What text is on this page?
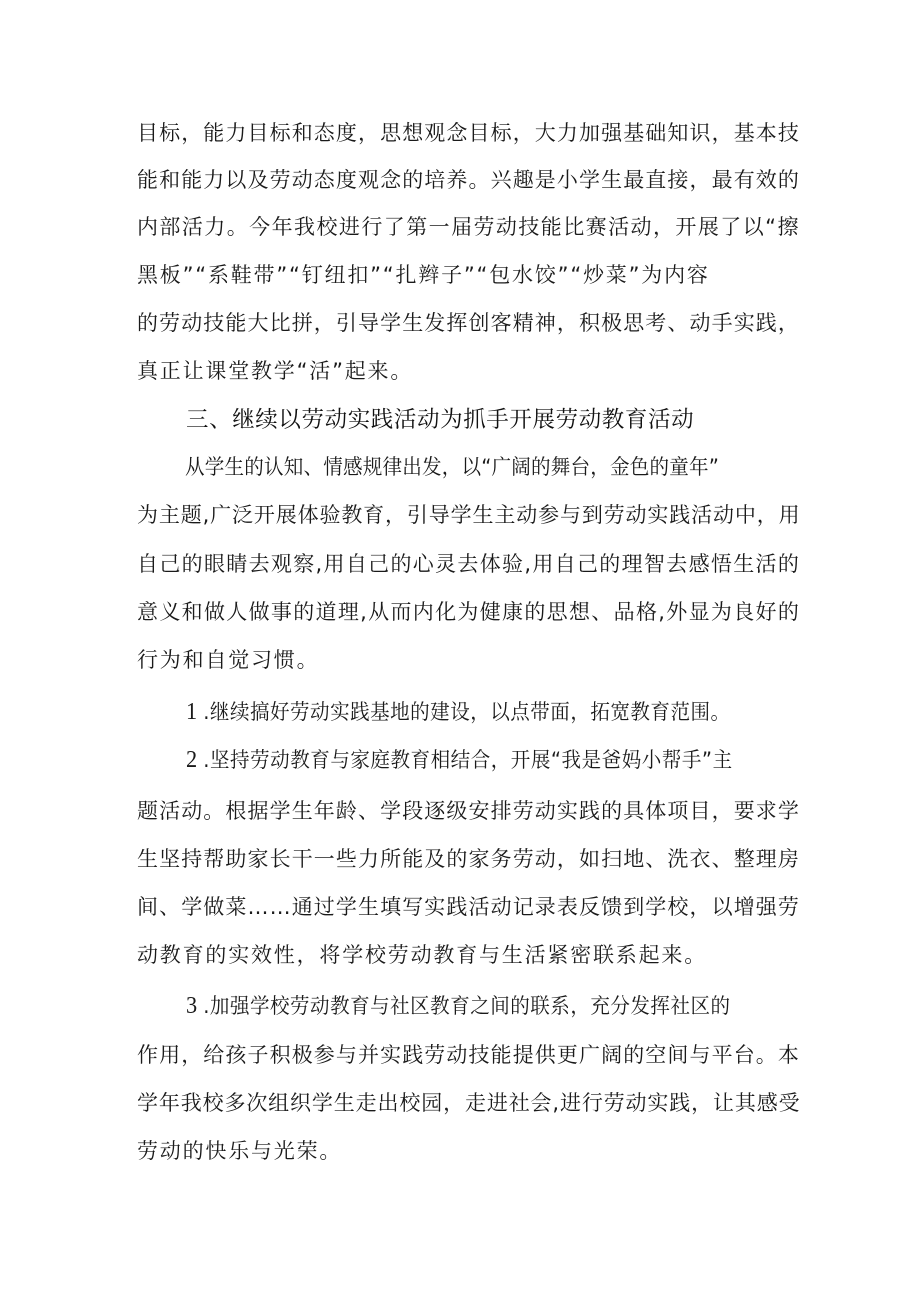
目标，能力目标和态度，思想观念目标，大力加强基础知识，基本技
能和能力以及劳动态度观念的培养。兴趣是小学生最直接，最有效的
内部活力。今年我校进行了第一届劳动技能比赛活动，开展了以“擦
黑板”“系鞋带”“钉纽扣”“扎辫子”“包水饺”“炒菜”为内容
的劳动技能大比拼，引导学生发挥创客精神，积极思考、动手实践，
真正让课堂教学“活”起来。
三、继续以劳动实践活动为抓手开展劳动教育活动
从学生的认知、情感规律出发，以“广阔的舞台，金色的童年”
为主题,广泛开展体验教育，引导学生主动参与到劳动实践活动中，用
自己的眼睛去观察,用自己的心灵去体验,用自己的理智去感悟生活的
意义和做人做事的道理,从而内化为健康的思想、品格,外显为良好的
行为和自觉习惯。
1 .继续搞好劳动实践基地的建设，以点带面，拓宽教育范围。
2 .坚持劳动教育与家庭教育相结合，开展“我是爸妈小帮手”主
题活动。根据学生年龄、学段逐级安排劳动实践的具体项目，要求学
生坚持帮助家长干一些力所能及的家务劳动，如扫地、洗衣、整理房
间、学做菜……通过学生填写实践活动记录表反馈到学校，以增强劳
动教育的实效性，将学校劳动教育与生活紧密联系起来。
3 .加强学校劳动教育与社区教育之间的联系，充分发挥社区的
作用，给孩子积极参与并实践劳动技能提供更广阔的空间与平台。本
学年我校多次组织学生走出校园，走进社会,进行劳动实践，让其感受
劳动的快乐与光荣。
